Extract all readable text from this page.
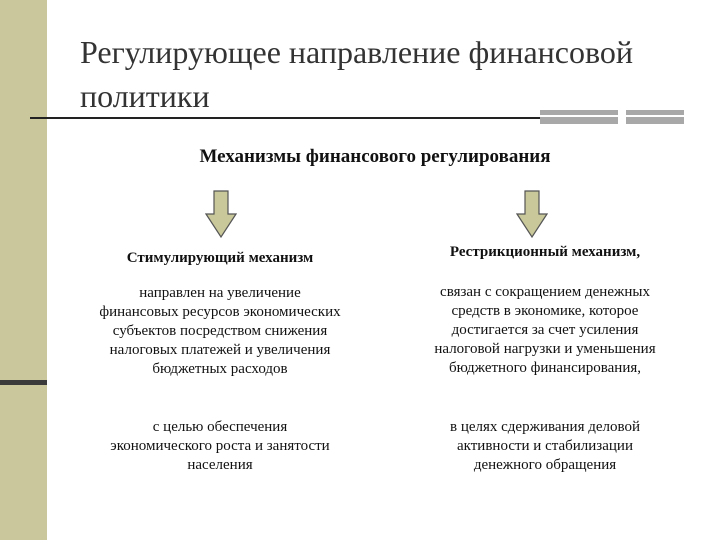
Регулирующее направление финансовой
политики
Механизмы финансового регулирования
Стимулирующий механизм	Рестрикционный механизм,
направлен на увеличение
финансовых ресурсов экономических
субъектов посредством снижения
налоговых платежей и увеличения
бюджетных расходов
связан с сокращением денежных
средств в экономике, которое
достигается за счет усиления
налоговой нагрузки и уменьшения
бюджетного финансирования,
с целью обеспечения
экономического роста и занятости
населения
в целях сдерживания деловой
активности и стабилизации
денежного обращения
